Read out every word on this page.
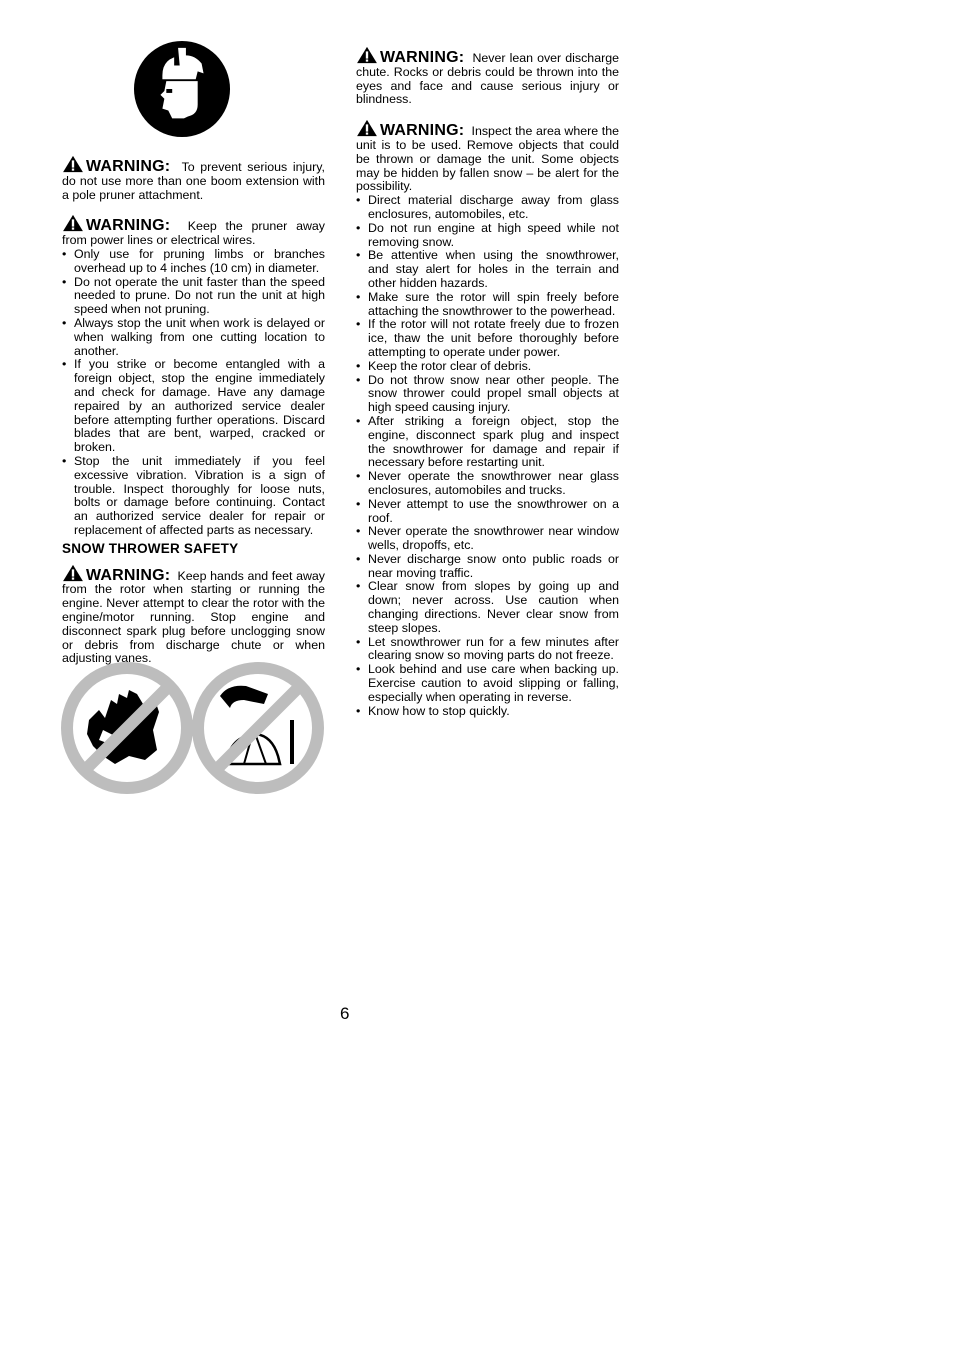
WARNING: To prevent serious injury, do not use more than one boom extension with a pole pruner attachment.
WARNING: Keep the pruner away from power lines or electrical wires.
• Only use for pruning limbs or branches overhead up to 4 inches (10 cm) in diameter.
• Do not operate the unit faster than the speed needed to prune. Do not run the unit at high speed when not pruning.
• Always stop the unit when work is delayed or when walking from one cutting location to another.
• If you strike or become entangled with a foreign object, stop the engine immediately and check for damage. Have any damage repaired by an authorized service dealer before attempting further operations. Discard blades that are bent, warped, cracked or broken.
• Stop the unit immediately if you feel excessive vibration. Vibration is a sign of trouble. Inspect thoroughly for loose nuts, bolts or damage before continuing. Contact an authorized service dealer for repair or replacement of affected parts as necessary.
SNOW THROWER SAFETY
WARNING: Keep hands and feet away from the rotor when starting or running the engine. Never attempt to clear the rotor with the engine/motor running. Stop engine and disconnect spark plug before unclogging snow or debris from discharge chute or when adjusting vanes.
WARNING: Never lean over discharge chute. Rocks or debris could be thrown into the eyes and face and cause serious injury or blindness.
WARNING: Inspect the area where the unit is to be used. Remove objects that could be thrown or damage the unit. Some objects may be hidden by fallen snow – be alert for the possibility.
• Direct material discharge away from glass enclosures, automobiles, etc.
• Do not run engine at high speed while not removing snow.
• Be attentive when using the snowthrower, and stay alert for holes in the terrain and other hidden hazards.
• Make sure the rotor will spin freely before attaching the snowthrower to the powerhead.
• If the rotor will not rotate freely due to frozen ice, thaw the unit before thoroughly before attempting to operate under power.
• Keep the rotor clear of debris.
• Do not throw snow near other people. The snow thrower could propel small objects at high speed causing injury.
• After striking a foreign object, stop the engine, disconnect spark plug and inspect the snowthrower for damage and repair if necessary before restarting unit.
• Never operate the snowthrower near glass enclosures, automobiles and trucks.
• Never attempt to use the snowthrower on a roof.
• Never operate the snowthrower near window wells, dropoffs, etc.
• Never discharge snow onto public roads or near moving traffic.
• Clear snow from slopes by going up and down; never across. Use caution when changing directions. Never clear snow from steep slopes.
• Let snowthrower run for a few minutes after clearing snow so moving parts do not freeze.
• Look behind and use care when backing up. Exercise caution to avoid slipping or falling, especially when operating in reverse.
• Know how to stop quickly.
6
